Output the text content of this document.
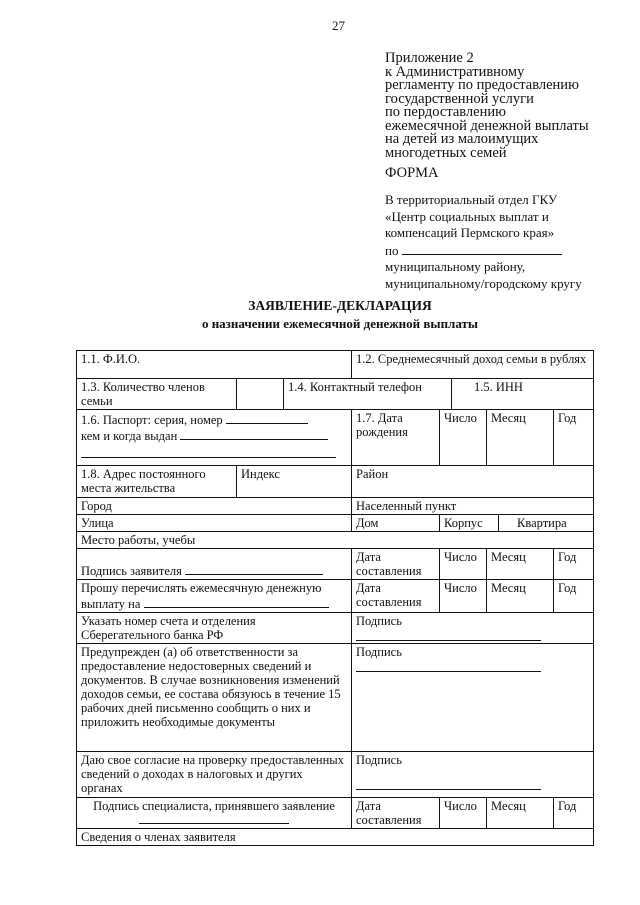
27
Приложение 2
к Административному
регламенту по предоставлению
государственной услуги
по пердоставлению
ежемесячной денежной выплаты
на детей из малоимущих
многодетных семей
ФОРМА
В территориальный отдел ГКУ
«Центр социальных выплат и
компенсаций Пермского края»
по
муниципальному району,
муниципальному/городскому кругу
ЗАЯВЛЕНИЕ-ДЕКЛАРАЦИЯ
о назначении ежемесячной денежной выплаты
1.1. Ф.И.О.			1.2. Среднемесячный доход семьи в рублях					
1.3. Количество членов семьи		1.4. Контактный телефон			1.5. ИНН			

1.6. Паспорт: серия, номер
кем и когда выдан			1.7. Дата рождения	Число		Месяц		Год
1.8. Адрес постоянного места жительства	Индекс		Район					
Город			Населенный пункт					
Улица			Дом	Корпус			Квартира	
Место работы, учебы								
Подпись заявителя			Дата составления	Число		Месяц		Год

Прошу перечислять ежемесячную денежную
выплату на			Дата составления	Число		Месяц		Год
Указать номер счета и отделения Сберегательного банка РФ			Подпись					

Предупрежден (а) об ответственности за предоставление недостоверных сведений и документов. В случае возникновения изменений доходов семьи, ее состава обязуюсь в течение 15 рабочих дней письменно сообщить о них и приложить необходимые документы			Подпись					

Даю свое согласие на проверку предоставленных сведений о доходах в налоговых и других органах			Подпись					

Подпись специалиста, принявшего заявление			Дата составления	Число		Месяц		Год
Сведения о членах заявителя								
